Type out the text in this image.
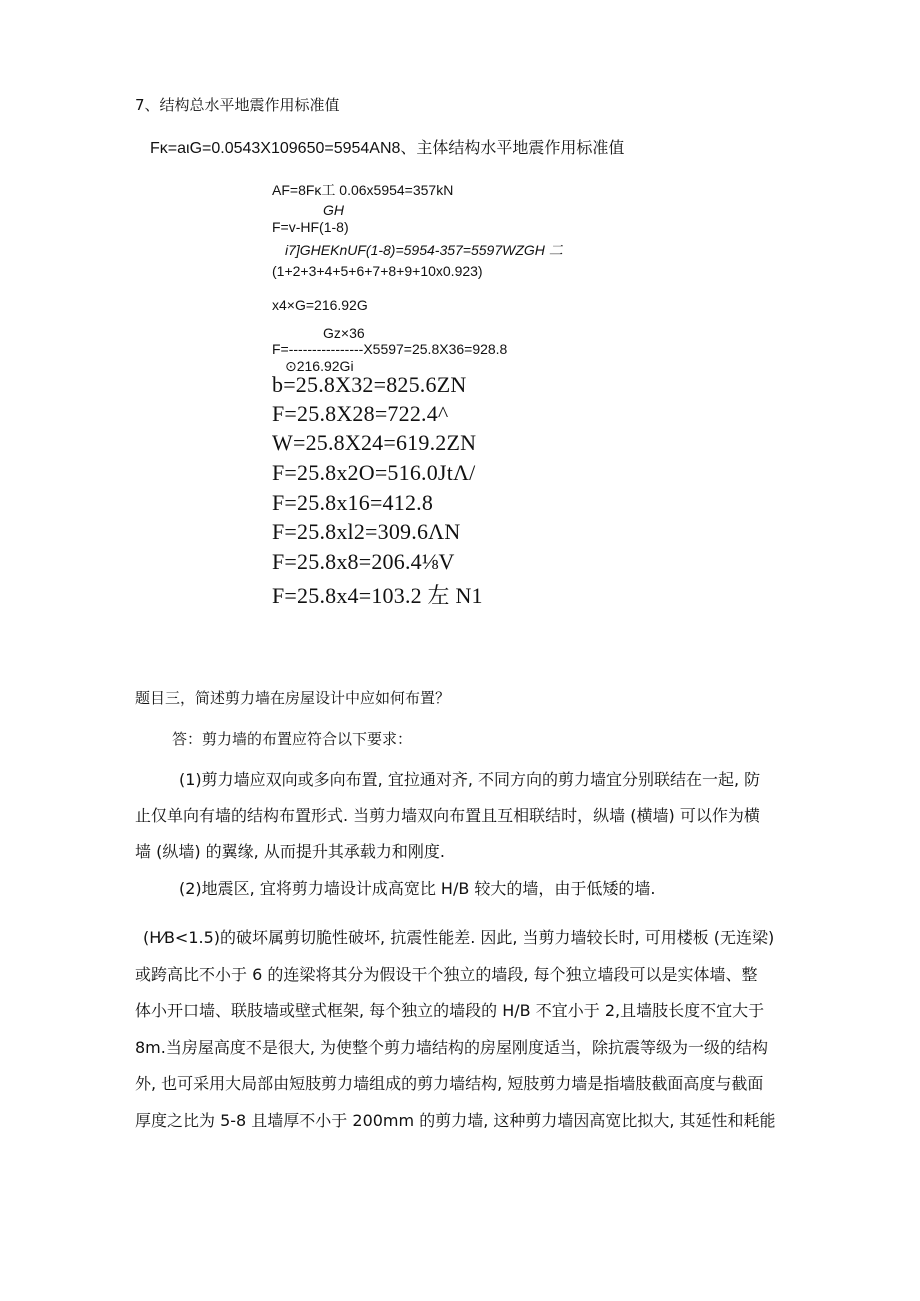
7、结构总水平地震作用标准值
Fκ=aιG=0.0543X109650=5954AN8、主体结构水平地震作用标准值
AF=8Fκ工 0.06x5954=357kN
GH
F=v-HF(1-8)
i7]GHEKnUF(1-8)=5954-357=5597WZGH 二
(1+2+3+4+5+6+7+8+9+10x0.923)
x4×G=216.92G
Gz×36
F=----------------X5597=25.8X36=928.8
⊙216.92Gi
b=25.8X32=825.6ZN
F=25.8X28=722.4^
W=25.8X24=619.2ZN
F=25.8x2O=516.0JtΛ/
F=25.8x16=412.8
F=25.8xl2=309.6ΛN
F=25.8x8=206.4⅛V
F=25.8x4=103.2 左 N1
题目三，简述剪力墙在房屋设计中应如何布置？
答：剪力墙的布置应符合以下要求：
(1)剪力墙应双向或多向布置, 宜拉通对齐, 不同方向的剪力墙宜分别联结在一起, 防
止仅单向有墙的结构布置形式. 当剪力墙双向布置且互相联结时，纵墙 (横墙) 可以作为横
墙 (纵墙) 的翼缘, 从而提升其承载力和刚度.
(2)地震区, 宜将剪力墙设计成高宽比 H/B 较大的墙，由于低矮的墙.
(H⁄B<1.5)的破坏属剪切脆性破坏, 抗震性能差. 因此, 当剪力墙较长时, 可用楼板 (无连梁)
或跨高比不小于 6 的连梁将其分为假设干个独立的墙段, 每个独立墙段可以是实体墙、整
体小开口墙、联肢墙或壁式框架, 每个独立的墙段的 H/B 不宜小于 2,且墙肢长度不宜大于
8m.当房屋高度不是很大, 为使整个剪力墙结构的房屋刚度适当，除抗震等级为一级的结构
外, 也可采用大局部由短肢剪力墙组成的剪力墙结构, 短肢剪力墙是指墙肢截面高度与截面
厚度之比为 5-8 且墙厚不小于 200mm 的剪力墙, 这种剪力墙因高宽比拟大, 其延性和耗能
